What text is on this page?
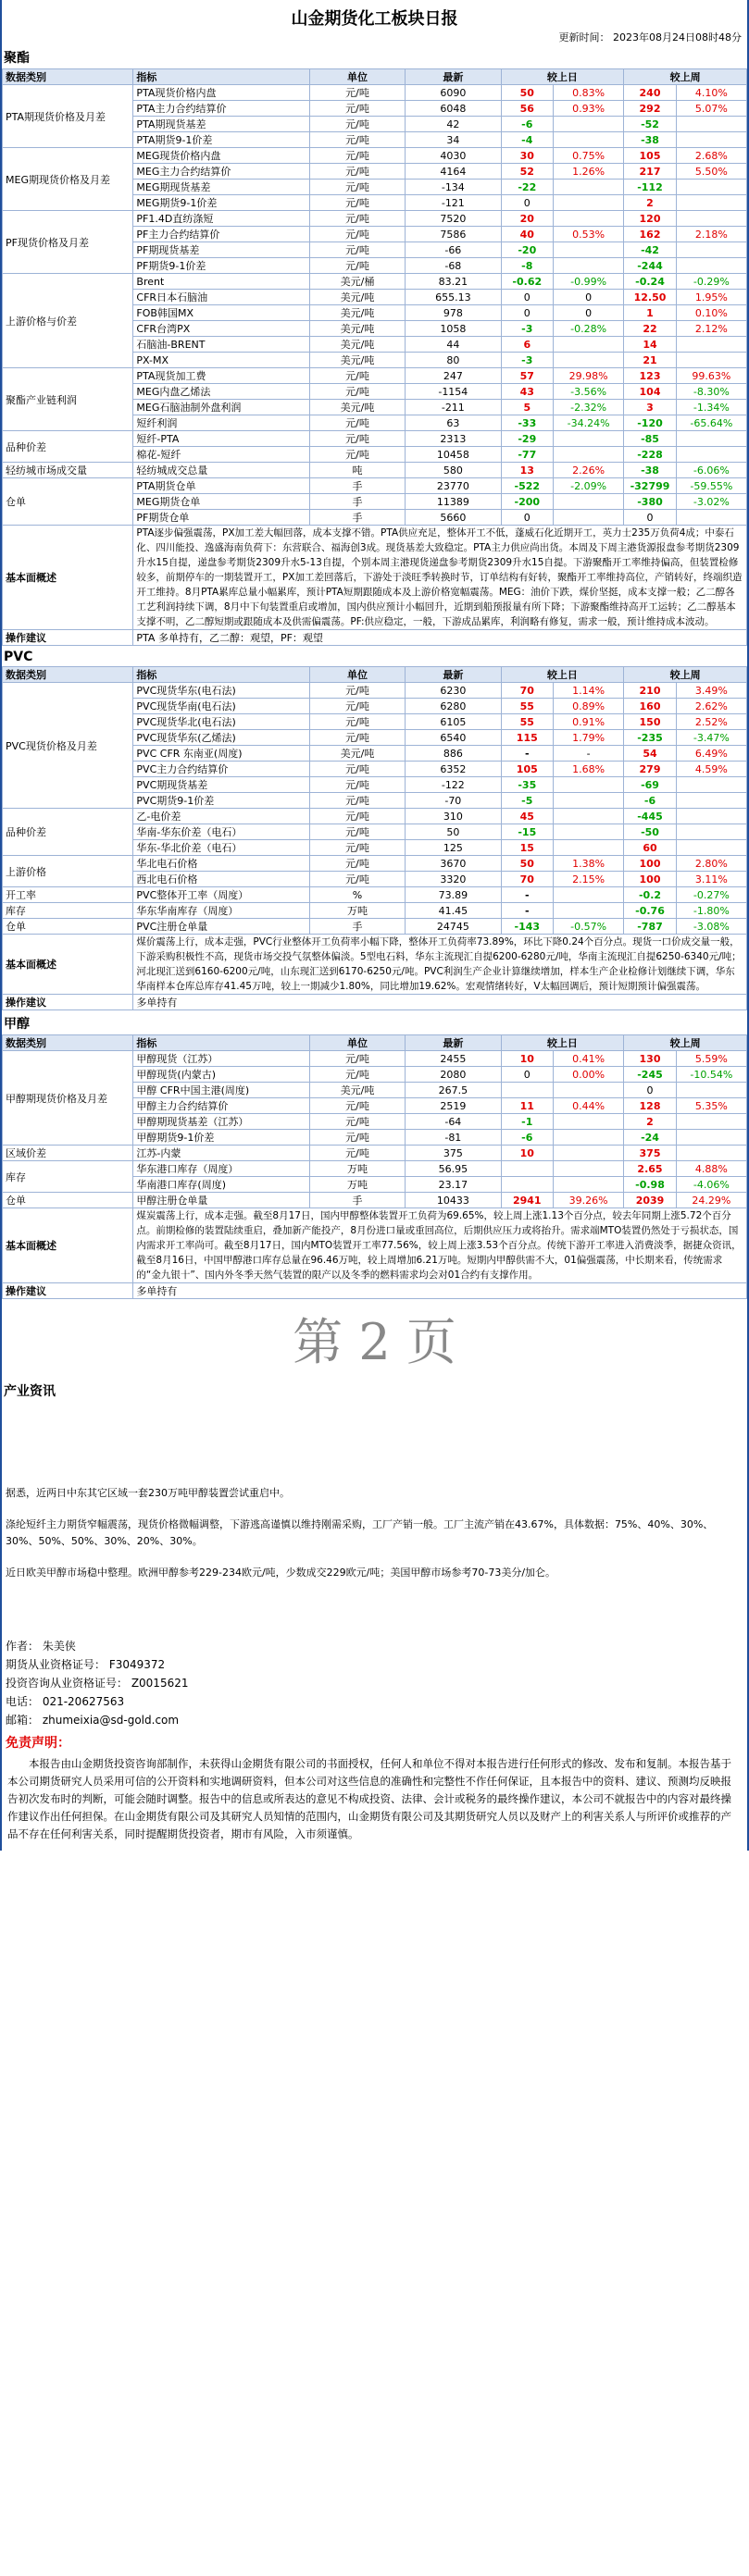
山金期货化工板块日报
更新时间： 2023年08月24日08时48分
聚酯
数据类别	指标	单位	最新	较上日		较上周	
PTA期现货价格及月差	PTA现货价格内盘	元/吨	6090	50	0.83%	240	4.10%
	PTA主力合约结算价	元/吨	6048	56	0.93%	292	5.07%
	PTA期现货基差	元/吨	42	-6		-52	
	PTA期货9-1价差	元/吨	34	-4		-38	
MEG期现货价格及月差	MEG现货价格内盘	元/吨	4030	30	0.75%	105	2.68%
	MEG主力合约结算价	元/吨	4164	52	1.26%	217	5.50%
	MEG期现货基差	元/吨	-134	-22		-112	
	MEG期货9-1价差	元/吨	-121	0		2	
PF现货价格及月差	PF1.4D直纺涤短	元/吨	7520	20		120	
	PF主力合约结算价	元/吨	7586	40	0.53%	162	2.18%
	PF期现货基差	元/吨	-66	-20		-42	
	PF期货9-1价差	元/吨	-68	-8		-244	
上游价格与价差	Brent	美元/桶	83.21	-0.62	-0.99%	-0.24	-0.29%
	CFR日本石脑油	美元/吨	655.13	0	0	12.50	1.95%
	FOB韩国MX	美元/吨	978	0	0	1	0.10%
	CFR台湾PX	美元/吨	1058	-3	-0.28%	22	2.12%
	石脑油-BRENT	美元/吨	44	6		14	
	PX-MX	美元/吨	80	-3		21	
聚酯产业链利润	PTA现货加工费	元/吨	247	57	29.98%	123	99.63%
	MEG内盘乙烯法	元/吨	-1154	43	-3.56%	104	-8.30%
	MEG石脑油制外盘利润	美元/吨	-211	5	-2.32%	3	-1.34%
	短纤利润	元/吨	63	-33	-34.24%	-120	-65.64%
品种价差	短纤-PTA	元/吨	2313	-29		-85	
	棉花-短纤	元/吨	10458	-77		-228	
轻纺城市场成交量	轻纺城成交总量	吨	580	13	2.26%	-38	-6.06%
仓单	PTA期货仓单	手	23770	-522	-2.09%	-32799	-59.55%
	MEG期货仓单	手	11389	-200		-380	-3.02%
	PF期货仓单	手	5660	0		0	
基本面概述	PTA逐步偏强震荡，PX加工差大幅回落，成本支撑不错。PTA供应充足，整体开工不低，蓬威石化近期开工，英力士235万负荷4成；中泰石化、四川能投、逸盛海南负荷下：东营联合、福海创3成。现货基差大致稳定。PTA主力供应尚出货。本周及下周主港货源报盘参考期货2309升水15自提，递盘参考期货2309升水5-13自提，个别本周主港现货递盘参考期货2309升水15自提。下游聚酯开工率维持偏高，但装置检修较多，前期停车的一期装置开工，PX加工差回落后，下游处于淡旺季转换时节，订单结构有好转，聚酯开工率维持高位，产销转好，终端织造开工维持。8月PTA累库总量小幅累库，预计PTA短期跟随成本及上游价格宽幅震荡。MEG：油价下跌，煤价坚挺，成本支撑一般；乙二醇各工艺利润持续下调，8月中下旬装置重启或增加，国内供应预计小幅回升，近期到船预报量有所下降；下游聚酯维持高开工运转；乙二醇基本支撑不明，乙二醇短期或跟随成本及供需偏震荡。PF:供应稳定，一般，下游成品累库，利润略有修复，需求一般，预计维持成本波动。						
操作建议	PTA 多单持有，乙二醇：观望，PF：观望						
PVC
数据类别	指标	单位	最新	较上日		较上周	
PVC现货价格及月差	PVC现货华东(电石法)	元/吨	6230	70	1.14%	210	3.49%
	PVC现货华南(电石法)	元/吨	6280	55	0.89%	160	2.62%
	PVC现货华北(电石法)	元/吨	6105	55	0.91%	150	2.52%
	PVC现货华东(乙烯法)	元/吨	6540	115	1.79%	-235	-3.47%
	PVC CFR 东南亚(周度)	美元/吨	886	-	-	54	6.49%
	PVC主力合约结算价	元/吨	6352	105	1.68%	279	4.59%
	PVC期现货基差	元/吨	-122	-35		-69	
	PVC期货9-1价差	元/吨	-70	-5		-6	
品种价差	乙-电价差	元/吨	310	45		-445	
	华南-华东价差（电石）	元/吨	50	-15		-50	
	华东-华北价差（电石）	元/吨	125	15		60	
上游价格	华北电石价格	元/吨	3670	50	1.38%	100	2.80%
	西北电石价格	元/吨	3320	70	2.15%	100	3.11%
开工率	PVC整体开工率（周度）	%	73.89	-		-0.2	-0.27%
库存	华东华南库存（周度）	万吨	41.45	-		-0.76	-1.80%
仓单	PVC注册仓单量	手	24745	-143	-0.57%	-787	-3.08%
基本面概述	煤价震荡上行，成本走强，PVC行业整体开工负荷率小幅下降，整体开工负荷率73.89%，环比下降0.24个百分点。现货一口价成交量一般，下游采购积极性不高，现货市场交投气氛整体偏淡。5型电石料，华东主流现汇自提6200-6280元/吨，华南主流现汇自提6250-6340元/吨；河北现汇送到6160-6200元/吨，山东现汇送到6170-6250元/吨。PVC利润生产企业计算继续增加，样本生产企业检修计划继续下调，华东华南样本仓库总库存41.45万吨，较上一期减少1.80%，同比增加19.62%。宏观情绪转好，V太幅回调后，预计短期预计偏强震荡。						
操作建议	多单持有						
甲醇
数据类别	指标	单位	最新	较上日		较上周	
甲醇期现货价格及月差	甲醇现货（江苏）	元/吨	2455	10	0.41%	130	5.59%
	甲醇现货(内蒙古)	元/吨	2080	0	0.00%	-245	-10.54%
	甲醇 CFR中国主港(周度)	美元/吨	267.5			0	
	甲醇主力合约结算价	元/吨	2519	11	0.44%	128	5.35%
	甲醇期现货基差（江苏）	元/吨	-64	-1		2	
	甲醇期货9-1价差	元/吨	-81	-6		-24	
区域价差	江苏-内蒙	元/吨	375	10		375	
库存	华东港口库存（周度）	万吨	56.95			2.65	4.88%
	华南港口库存(周度)	万吨	23.17			-0.98	-4.06%
仓单	甲醇注册仓单量	手	10433	2941	39.26%	2039	24.29%
基本面概述	煤炭震荡上行，成本走强。截至8月17日，国内甲醇整体装置开工负荷为69.65%，较上周上涨1.13个百分点，较去年同期上涨5.72个百分点。前期检修的装置陆续重启，叠加新产能投产，8月份进口量或重回高位，后期供应压力或将抬升。需求端MTO装置仍然处于亏损状态，国内需求开工率尚可。截至8月17日，国内MTO装置开工率77.56%，较上周上涨3.53个百分点。传统下游开工率进入消费淡季，据捷众资讯，截至8月16日，中国甲醇港口库存总量在96.46万吨，较上周增加6.21万吨。短期内甲醇供需不大，01偏强震荡，中长期来看，传统需求的“金九银十”、国内外冬季天然气装置的限产以及冬季的燃料需求均会对01合约有支撑作用。						
操作建议	多单持有						
第 2 页
产业资讯
据悉，近两日中东其它区域一套230万吨甲醇装置尝试重启中。
涤纶短纤主力期货窄幅震荡，现货价格微幅调整，下游逃高谨慎以维持刚需采购，工厂产销一般。工厂主流产销在43.67%，具体数据：75%、40%、30%、30%、50%、50%、30%、20%、30%。
近日欧美甲醇市场稳中整理。欧洲甲醇参考229-234欧元/吨，少数成交229欧元/吨；美国甲醇市场参考70-73美分/加仑。
作者： 朱美侠
期货从业资格证号： F3049372
投资咨询从业资格证号： Z0015621
电话： 021-20627563
邮箱： zhumeixia@sd-gold.com
免责声明：
本报告由山金期货投资咨询部制作，未获得山金期货有限公司的书面授权，任何人和单位不得对本报告进行任何形式的修改、发布和复制。本报告基于本公司期货研究人员采用可信的公开资料和实地调研资料，但本公司对这些信息的准确性和完整性不作任何保证，且本报告中的资料、建议、预测均反映报告初次发布时的判断，可能会随时调整。报告中的信息或所表达的意见不构成投资、法律、会计或税务的最终操作建议，本公司不就报告中的内容对最终操作建议作出任何担保。在山金期货有限公司及其研究人员知情的范围内，山金期货有限公司及其期货研究人员以及财产上的利害关系人与所评价或推荐的产品不存在任何利害关系，同时提醒期货投资者，期市有风险，入市须谨慎。
